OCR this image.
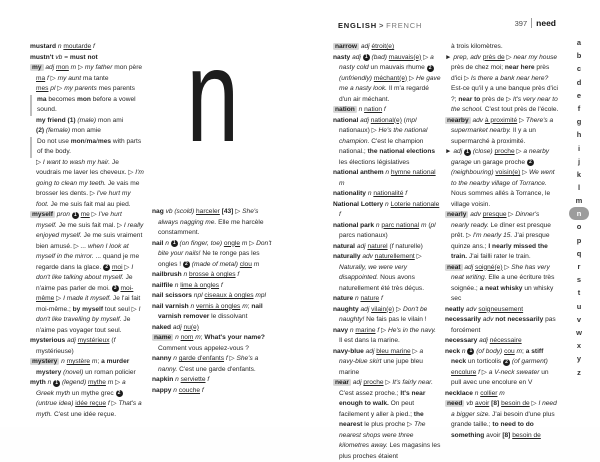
ENGLISH > FRENCH	397 need

mustard n moutarde f

mustn't vb = must not

my adj mon m ▷ my father mon père

ma f ▷ my aunt ma tante

mes pl ▷ my parents mes parents

ma becomes mon before a vowel sound.

my friend (1) (male) mon ami

(2) (female) mon amie

Do not use mon/ma/mes with parts of the body.

▷ I want to wash my hair. Je voudrais me laver les cheveux. ▷ I'm going to clean my teeth. Je vais me brosser les dents. ▷ I've hurt my foot. Je me suis fait mal au pied.

myself pron 1 me ▷ I've hurt myself. Je me suis fait mal. ▷ I really enjoyed myself. Je me suis vraiment bien amusé. ▷ ... when I look at myself in the mirror. ... quand je me regarde dans la glace. 2 moi ▷ I don't like talking about myself. Je n'aime pas parler de moi. 3 moi-même ▷ I made it myself. Je l'ai fait moi-même.; by myself tout seul ▷ I don't like travelling by myself. Je n'aime pas voyager tout seul.

mysterious adj mystérieux (f mystérieuse)

mystery n mystère m; a murder mystery (novel) un roman policier

myth n 1 (legend) mythe m ▷ a Greek myth un mythe grec 2 (untrue idea) idée reçue f ▷ That's a myth. C'est une idée reçue.

n

nag vb (scold) harceler [43] ▷ She's always nagging me. Elle me harcèle constamment.

nail n 1 (on finger, toe) ongle m ▷ Don't bite your nails! Ne te ronge pas les ongles ! 2 (made of metal) clou m

nailbrush n brosse à ongles f

nailfile n lime à ongles f

nail scissors npl ciseaux à ongles mpl

nail varnish n vernis à ongles m; nail varnish remover le dissolvant

naked adj nu(e)

name n nom m; What's your name? Comment vous appelez-vous ?

nanny n garde d'enfants f ▷ She's a nanny. C'est une garde d'enfants.

napkin n serviette f

nappy n couche f

narrow adj étroit(e)

nasty adj 1 (bad) mauvais(e) ▷ a nasty cold un mauvais rhume 2 (unfriendly) méchant(e) ▷ He gave me a nasty look. Il m'a regardé d'un air méchant.

nation n nation f

national adj national(e) (mpl nationaux) ▷ He's the national champion. C'est le champion national.; the national elections les élections législatives

national anthem n hymne national m

nationality n nationalité f

National Lottery n Loterie nationale f

national park n parc national m (pl parcs nationaux)

natural adj naturel (f naturelle)

naturally adv naturellement ▷ Naturally, we were very disappointed. Nous avons naturellement été très déçus.

nature n nature f

naughty adj vilain(e) ▷ Don't be naughty! Ne fais pas le vilain !

navy n marine f ▷ He's in the navy. Il est dans la marine.

navy-blue adj bleu marine ▷ a navy-blue skirt une jupe bleu marine

near adj proche ▷ It's fairly near. C'est assez proche.; It's near enough to walk. On peut facilement y aller à pied.; the nearest le plus proche ▷ The nearest shops were three kilometres away. Les magasins les plus proches étaient

à trois kilomètres.

► prep, adv près de ▷ near my house près de chez moi; near here près d'ici ▷ Is there a bank near here? Est-ce qu'il y a une banque près d'ici ?; near to près de ▷ It's very near to the school. C'est tout près de l'école.

nearby adv à proximité ▷ There's a supermarket nearby. Il y a un supermarché à proximité.

► adj 1 (close) proche ▷ a nearby garage un garage proche 2 (neighbouring) voisin(e) ▷ We went to the nearby village of Torrance. Nous sommes allés à Torrance, le village voisin.

nearly adv presque ▷ Dinner's nearly ready. Le dîner est presque prêt. ▷ I'm nearly 15. J'ai presque quinze ans.; I nearly missed the train. J'ai failli rater le train.

neat adj soigné(e) ▷ She has very neat writing. Elle a une écriture très soignée.; a neat whisky un whisky sec

neatly adv soigneusement

necessarily adv not necessarily pas forcément

necessary adj nécessaire

neck n 1 (of body) cou m; a stiff neck un torticolis 2 (of garment) encolure f ▷ a V-neck sweater un pull avec une encolure en V

necklace n collier m

need vb avoir [8] besoin de ▷ I need a bigger size. J'ai besoin d'une plus grande taille.; to need to do something avoir [8] besoin de

a
b
c
d
e
f
g
h
i
j
k
l
m
n
o
p
q
r
s
t
u
v
w
x
y
z
